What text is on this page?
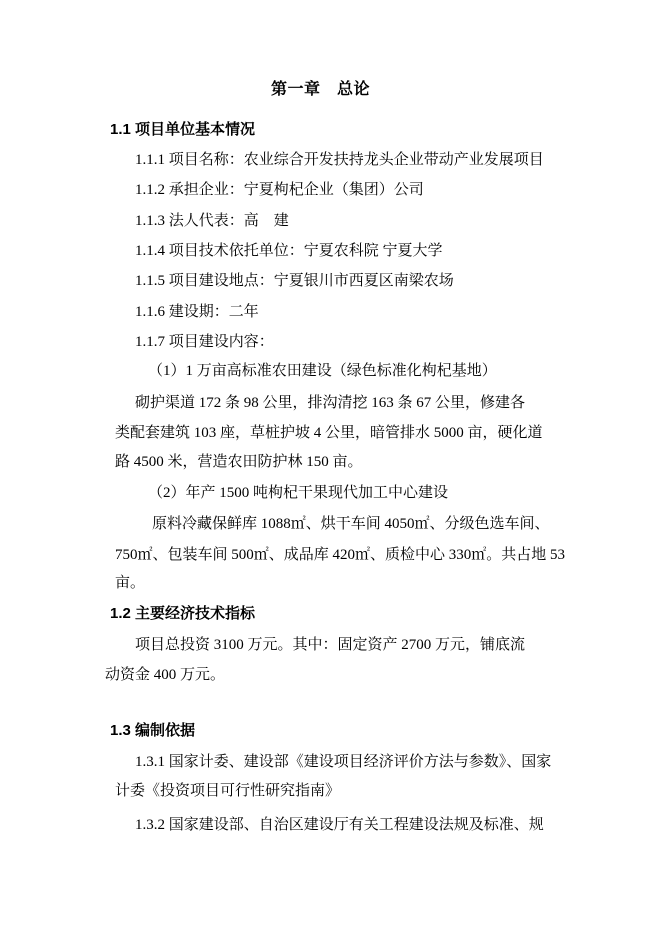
第一章　总论
1.1 项目单位基本情况
1.1.1 项目名称：农业综合开发扶持龙头企业带动产业发展项目
1.1.2 承担企业：宁夏枸杞企业（集团）公司
1.1.3 法人代表：高　建
1.1.4 项目技术依托单位：宁夏农科院 宁夏大学
1.1.5 项目建设地点：宁夏银川市西夏区南梁农场
1.1.6 建设期：二年
1.1.7 项目建设内容：
（1）1 万亩高标准农田建设（绿色标准化枸杞基地）
砌护渠道 172 条 98 公里，排沟清挖 163 条 67 公里，修建各
类配套建筑 103 座，草桩护坡 4 公里，暗管排水 5000 亩，硬化道
路 4500 米，营造农田防护林 150 亩。
（2）年产 1500 吨枸杞干果现代加工中心建设
原料冷藏保鲜库 1088㎡、烘干车间 4050㎡、分级色选车间、
750㎡、包装车间 500㎡、成品库 420㎡、质检中心 330㎡。共占地 53
亩。
1.2 主要经济技术指标
项目总投资 3100 万元。其中：固定资产 2700 万元，铺底流
动资金 400 万元。
1.3 编制依据
1.3.1 国家计委、建设部《建设项目经济评价方法与参数》、国家
计委《投资项目可行性研究指南》
1.3.2 国家建设部、自治区建设厅有关工程建设法规及标准、规
